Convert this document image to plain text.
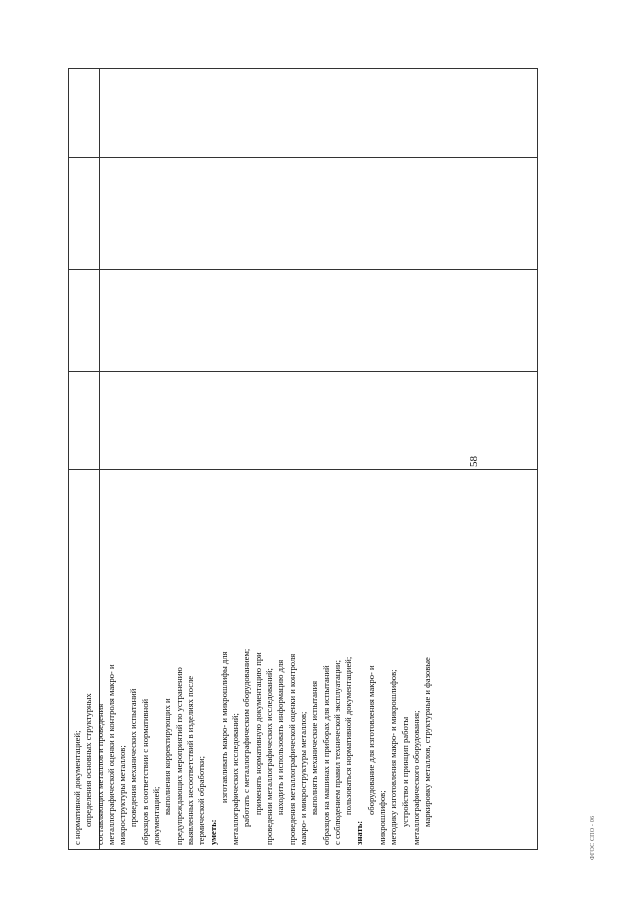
58
с нормативной документацией; определения основных структурных составляющих металлов и проведения металлографической оценки и контроля макро- и микроструктуры металлов; проведения механических испытаний образцов в соответствии с нормативной документацией;
выполнения корректирующих и предупреждающих мероприятий по устранению выявленных несоответствий в изделиях после термической обработки; уметь:
изготавливать макро- и микрошлифы для металлографических исследований; работать с металлографическим оборудованием; применять нормативную документацию при проведении металлографических исследований; находить и использовать информацию для проведения металлографической оценки и контроля макро- и микроструктуры металлов; выполнять механические испытания образцов на машинах и приборах для испытаний с соблюдением правил технической эксплуатации; пользоваться нормативной документацией;
знать:
оборудование для изготовления макро- и
микрошлифов; методику изготовления макро- и микрошлифов; устройство и принцип работы металлографического оборудования; маркировку металлов, структурные и фазовые
ФГОС СПО - 06
